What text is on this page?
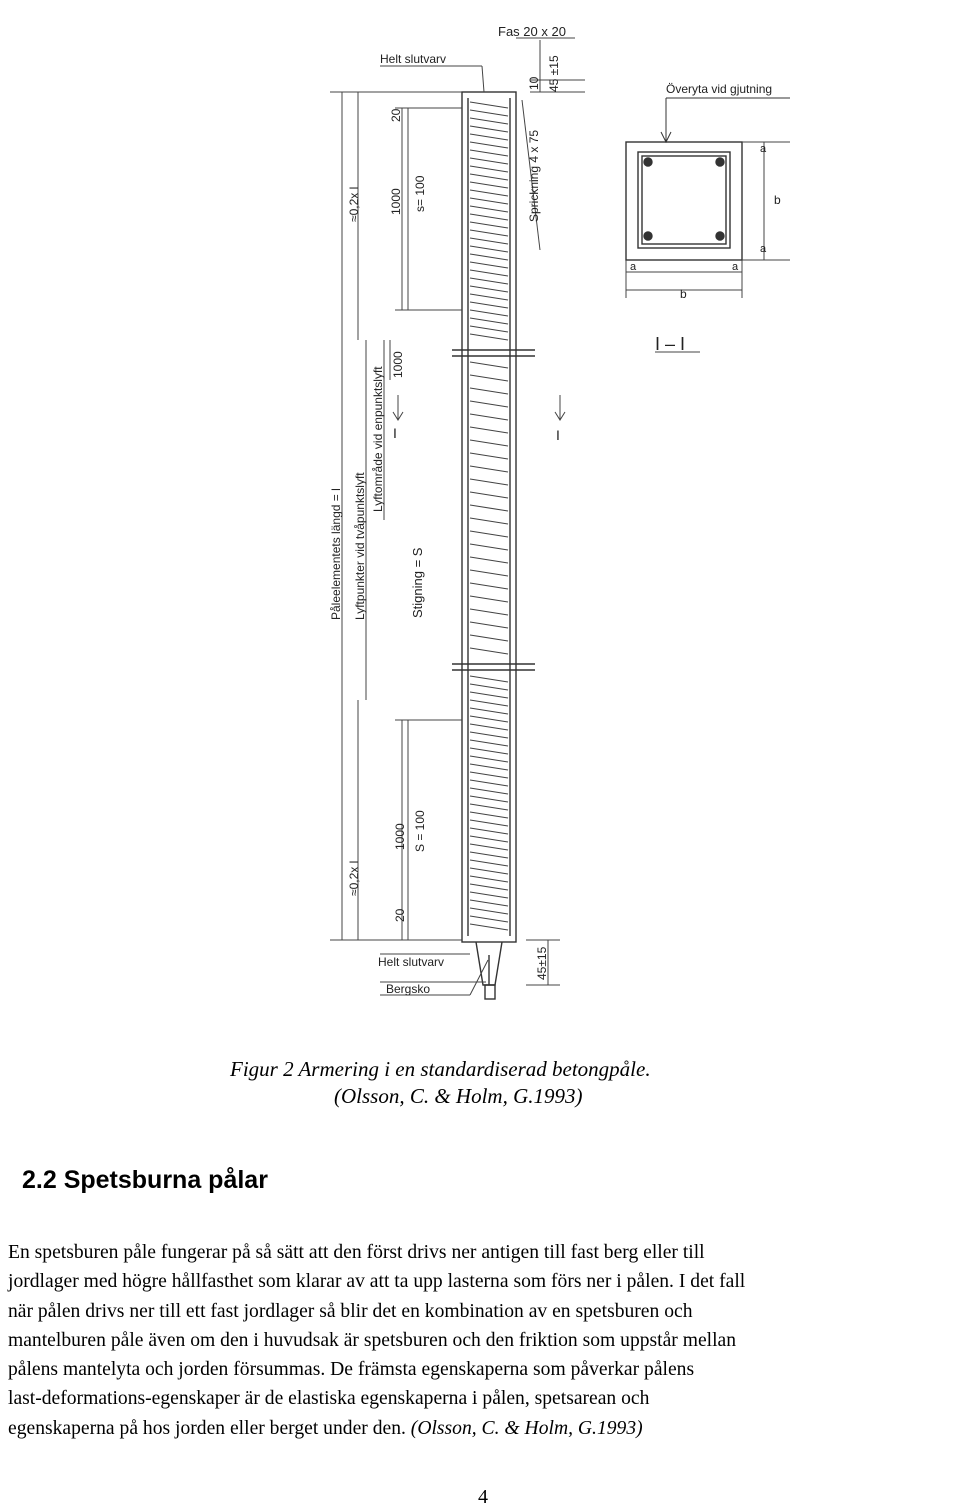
Fas 20 x 20
Helt slutvarv
Överyta vid gjutning
10 45 ±15
Sprickning 4 x 75
≈0,2x l
20
1000 s= 100
Påleelementets längd = l Lyftpunkter vid tvåpunktslyft
Lyftområde vid enpunktslyft
1000
Stigning = S
I	I
I – I
a
a
a	a
b
b
≈0,2x l
1000 S = 100
20
Helt slutvarv	45±15
Bergsko
Figur 2 Armering i en standardiserad betongpåle.
(Olsson, C. & Holm, G.1993)
2.2 Spetsburna pålar
En spetsburen påle fungerar på så sätt att den först drivs ner antigen till fast berg eller till
jordlager med högre hållfasthet som klarar av att ta upp lasterna som förs ner i pålen. I det fall
när pålen drivs ner till ett fast jordlager så blir det en kombination av en spetsburen och
mantelburen påle även om den i huvudsak är spetsburen och den friktion som uppstår mellan
pålens mantelyta och jorden försummas. De främsta egenskaperna som påverkar pålens
last-deformations-egenskaper är de elastiska egenskaperna i pålen, spetsarean och
egenskaperna på hos jorden eller berget under den. (Olsson, C. & Holm, G.1993)
4
